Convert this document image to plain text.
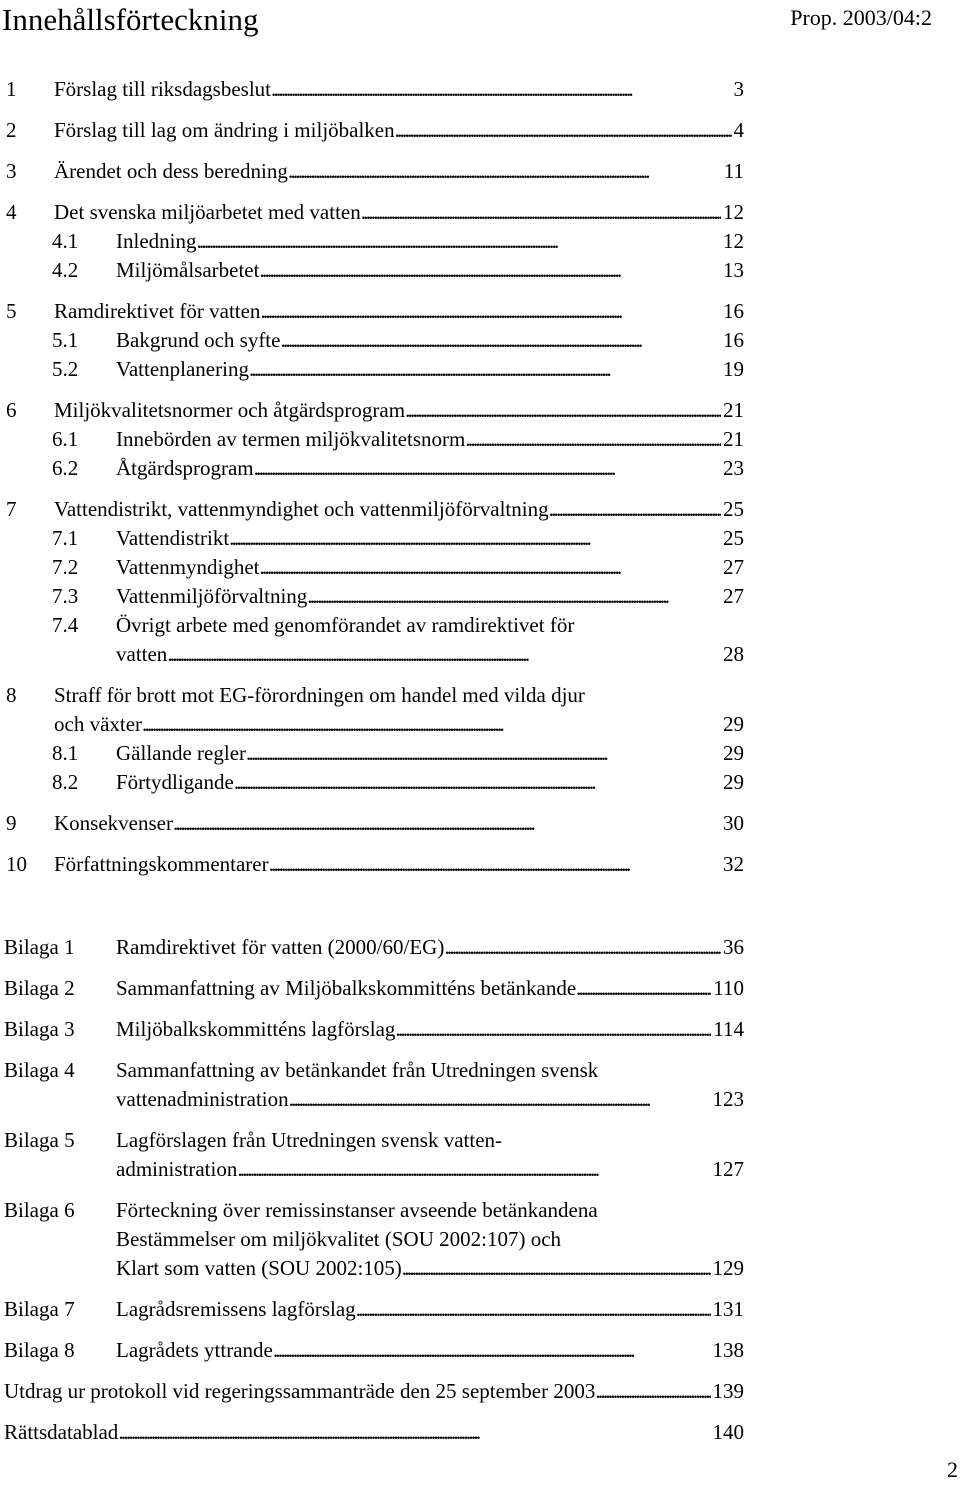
Innehållsförteckning	Prop. 2003/04:2
1 Förslag till riksdagsbeslut . . .	3
2 Förslag till lag om ändring i miljöbalken . . .	4
3 Ärendet och dess beredning . . .	11
4 Det svenska miljöarbetet med vatten . . .	12
4.1 Inledning . . .	12
4.2 Miljömålsarbetet . . .	13
5 Ramdirektivet för vatten . . .	16
5.1 Bakgrund och syfte . . .	16
5.2 Vattenplanering . . .	19
6 Miljökvalitetsnormer och åtgärdsprogram . . .	21
6.1 Innebörden av termen miljökvalitetsnorm . . .	21
6.2 Åtgärdsprogram . . .	23
7 Vattendistrikt, vattenmyndighet och vattenmiljöförvaltning . . .	25
7.1 Vattendistrikt . . .	25
7.2 Vattenmyndighet . . .	27
7.3 Vattenmiljöförvaltning . . .	27
7.4 Övrigt arbete med genomförandet av ramdirektivet för
vatten . . .	28
8 Straff för brott mot EG-förordningen om handel med vilda djur
och växter . . .	29
8.1 Gällande regler . . .	29
8.2 Förtydligande . . .	29
9 Konsekvenser . . .	30
10 Författningskommentarer . . .	32
Bilaga 1 Ramdirektivet för vatten (2000/60/EG) . . .	36
Bilaga 2 Sammanfattning av Miljöbalkskommitténs betänkande . . .	110
Bilaga 3 Miljöbalkskommitténs lagförslag . . .	114
Bilaga 4 Sammanfattning av betänkandet från Utredningen svensk
vattenadministration . . .	123
Bilaga 5 Lagförslagen från Utredningen svensk vatten-
administration . . .	127
Bilaga 6 Förteckning över remissinstanser avseende betänkandena
Bestämmelser om miljökvalitet (SOU 2002:107) och
Klart som vatten (SOU 2002:105) . . .	129
Bilaga 7 Lagrådsremissens lagförslag . . .	131
Bilaga 8 Lagrådets yttrande . . .	138
Utdrag ur protokoll vid regeringssammanträde den 25 september 2003 . . .	139
Rättsdatablad . . .	140
2
